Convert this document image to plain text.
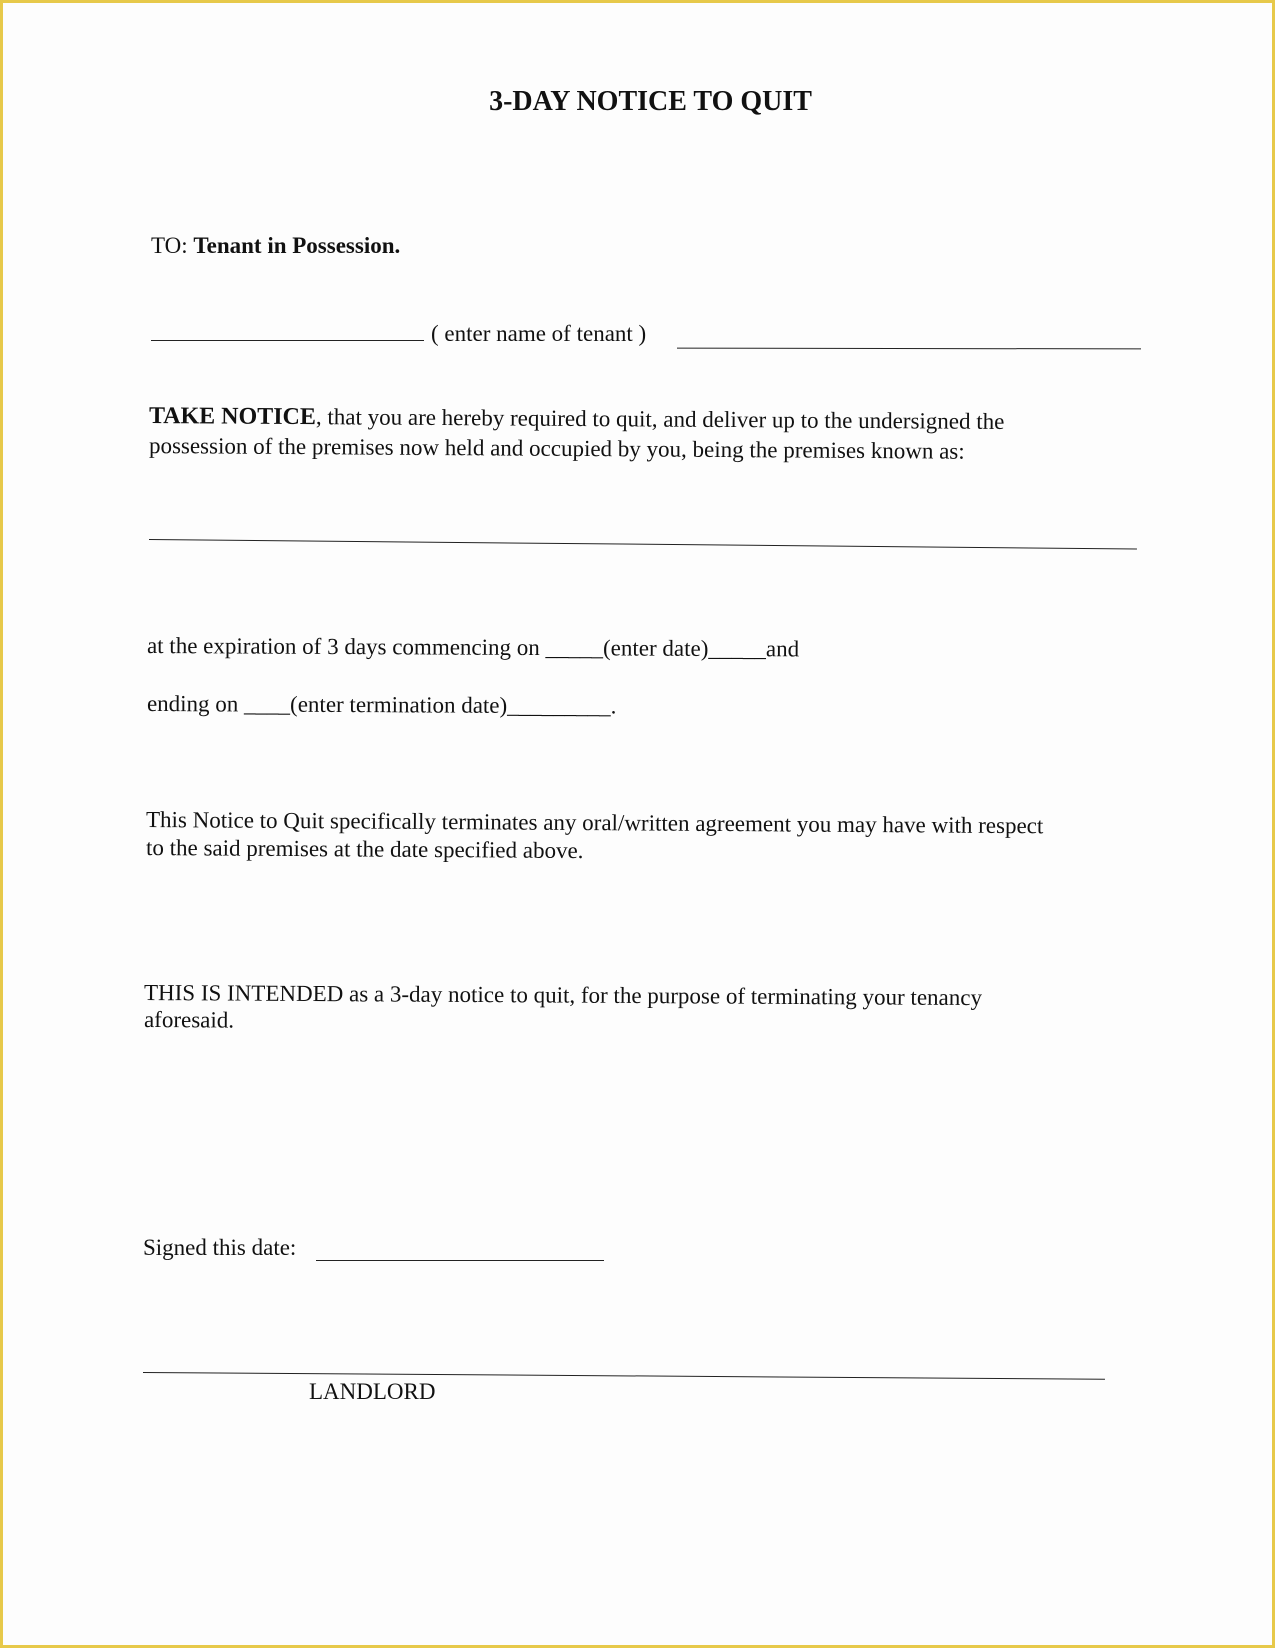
3-DAY NOTICE TO QUIT
TO: Tenant in Possession.
( enter name of tenant )
TAKE NOTICE, that you are hereby required to quit, and deliver up to the undersigned the
possession of the premises now held and occupied by you, being the premises known as:
at the expiration of 3 days commencing on _____(enter date)_____and
ending on ____(enter termination date)_________.
This Notice to Quit specifically terminates any oral/written agreement you may have with respect
to the said premises at the date specified above.
THIS IS INTENDED as a 3-day notice to quit, for the purpose of terminating your tenancy
aforesaid.
Signed this date:
LANDLORD
